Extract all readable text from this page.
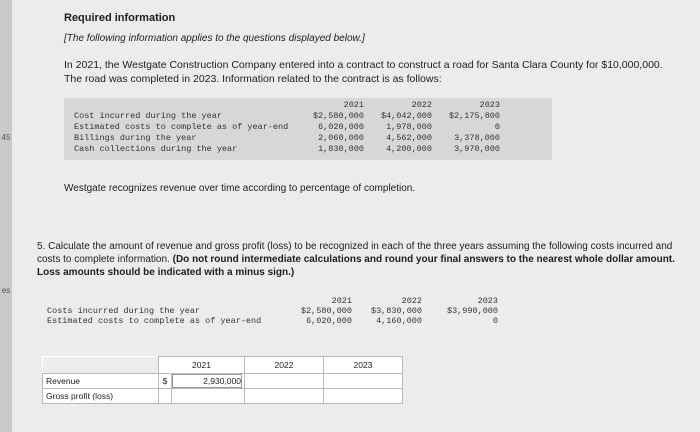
45
es
Required information
[The following information applies to the questions displayed below.]
In 2021, the Westgate Construction Company entered into a contract to construct a road for Santa Clara County for $10,000,000. The road was completed in 2023. Information related to the contract is as follows:
2021	2022	2023
Cost incurred during the year	$2,580,000	$4,042,000	$2,175,800
Estimated costs to complete as of year-end	6,020,000	1,978,000	0
Billings during the year	2,060,000	4,562,000	3,378,000
Cash collections during the year	1,830,000	4,200,000	3,970,000
Westgate recognizes revenue over time according to percentage of completion.
5. Calculate the amount of revenue and gross profit (loss) to be recognized in each of the three years assuming the following costs incurred and costs to complete information. (Do not round intermediate calculations and round your final answers to the nearest whole dollar amount. Loss amounts should be indicated with a minus sign.)
2021	2022	2023
Costs incurred during the year	$2,580,000	$3,830,000	$3,990,000
Estimated costs to complete as of year-end	6,020,000	4,160,000	0
	2021		2022	2023
Revenue	$	2,930,000		
Gross profit (loss)				
